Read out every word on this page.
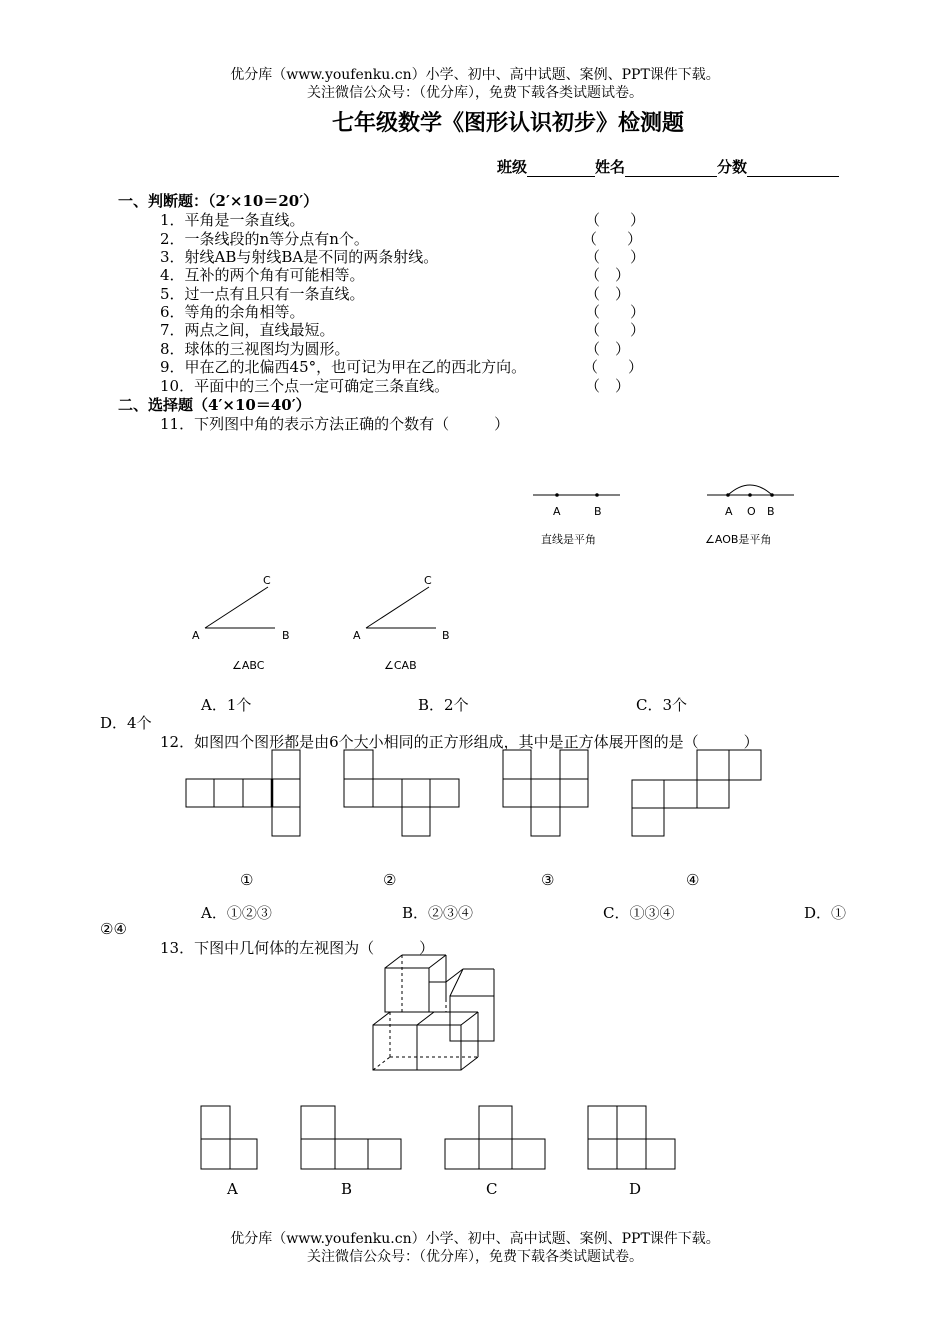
优分库（www.youfenku.cn）小学、初中、高中试题、案例、PPT课件下载。
关注微信公众号：（优分库），免费下载各类试题试卷。
七年级数学《图形认识初步》检测题
班级	姓名	分数
一、判断题：（2′×10＝20′）
1．平角是一条直线。	（　　）
2．一条线段的n等分点有n个。	（　　）
3．射线AB与射线BA是不同的两条射线。	（　　）
4．互补的两个角有可能相等。	（　）
5．过一点有且只有一条直线。	（　）
6．等角的余角相等。	（　　）
7．两点之间，直线最短。	（　　）
8．球体的三视图均为圆形。	（　）
9．甲在乙的北偏西45°，也可记为甲在乙的西北方向。	（　　）
10．平面中的三个点一定可确定三条直线。	（　）
二、选择题（4′×10＝40′）
11．下列图中角的表示方法正确的个数有（　　　）
A	B
直线是平角
A O B
∠AOB是平角
A	B
C
∠ABC
A	B
C
∠CAB
A．1个	B．2个	C．3个
D．4个
12．如图四个图形都是由6个大小相同的正方形组成，其中是正方体展开图的是（　　　）
①	②	③	④
A．①②③	B．②③④	C．①③④	D．①
②④
13．下图中几何体的左视图为（　　　）
A	B	C	D
优分库（www.youfenku.cn）小学、初中、高中试题、案例、PPT课件下载。
关注微信公众号：（优分库），免费下载各类试题试卷。
